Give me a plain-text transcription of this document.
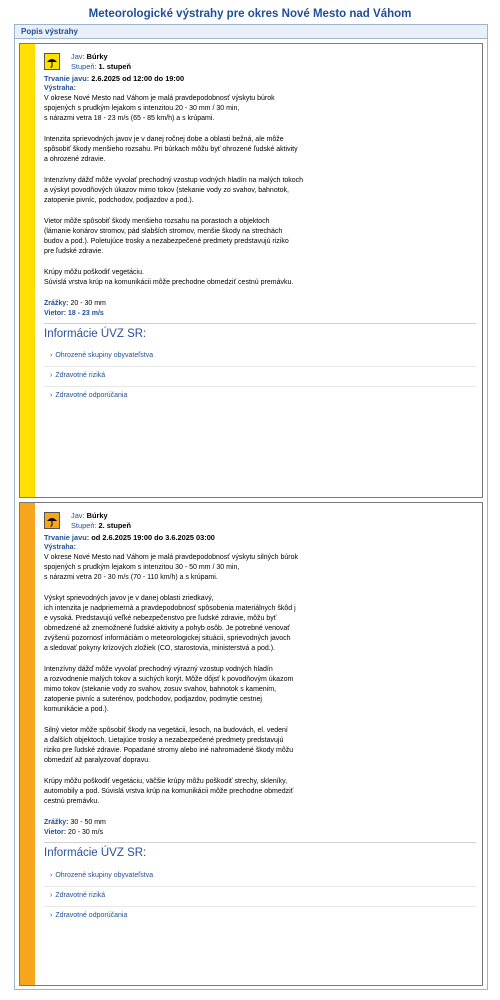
Meteorologické výstrahy pre okres Nové Mesto nad Váhom
Popis výstrahy
Jav: Búrky
Stupeň: 1. stupeň
Trvanie javu: 2.6.2025 od 12:00 do 19:00
Výstraha:
V okrese Nové Mesto nad Váhom je malá pravdepodobnosť výskytu búrok
spojených s prudkým lejakom s intenzitou 20 - 30 mm / 30 min,
s nárazmi vetra 18 - 23 m/s (65 - 85 km/h) a s krúpami.
Intenzita sprievodných javov je v danej ročnej dobe a oblasti bežná, ale môže
spôsobiť škody menšieho rozsahu. Pri búrkach môžu byť ohrozené ľudské aktivity
a ohrozené zdravie.
Intenzívny dážď môže vyvolať prechodný vzostup vodných hladín na malých tokoch
a výskyt povodňových úkazov mimo tokov (stekanie vody zo svahov, bahnotok,
zatopenie pivníc, podchodov, podjazdov a pod.).
Vietor môže spôsobiť škody menšieho rozsahu na porastoch a objektoch
(lámanie konárov stromov, pád slabších stromov, menšie škody na strechách
budov a pod.). Poletujúce trosky a nezabezpečené predmety predstavujú riziko
pre ľudské zdravie.
Krúpy môžu poškodiť vegetáciu.
Súvislá vrstva krúp na komunikácii môže prechodne obmedziť cestnú premávku.
Zrážky: 20 - 30 mm
Vietor: 18 - 23 m/s
Informácie ÚVZ SR:
› Ohrozené skupiny obyvateľstva
› Zdravotné riziká
› Zdravotné odporúčania
Jav: Búrky
Stupeň: 2. stupeň
Trvanie javu: od 2.6.2025 19:00 do 3.6.2025 03:00
Výstraha:
V okrese Nové Mesto nad Váhom je malá pravdepodobnosť výskytu silných búrok
spojených s prudkým lejakom s intenzitou 30 - 50 mm / 30 min,
s nárazmi vetra 20 - 30 m/s (70 - 110 km/h) a s krúpami.
Výskyt sprievodných javov je v danej oblasti zriedkavý,
ich intenzita je nadpriemerná a pravdepodobnosť spôsobenia materiálnych škôd j
e vysoká. Predstavujú veľké nebezpečenstvo pre ľudské zdravie, môžu byť
obmedzené až znemožnené ľudské aktivity a pohyb osôb. Je potrebné venovať
zvýšenú pozornosť informáciám o meteorologickej situácii, sprievodných javoch
a sledovať pokyny krízových zložiek (CO, starostovia, ministerstvá a pod.).
Intenzívny dážď môže vyvolať prechodný výrazný vzostup vodných hladín
a rozvodnenie malých tokov a suchých korýt. Môže dôjsť k povodňovým úkazom
mimo tokov (stekanie vody zo svahov, zosuv svahov, bahnotok s kamenim,
zatopenie pivníc a suterénov, podchodov, podjazdov, podmytie cestnej
komunikácie a pod.).
Silný vietor môže spôsobiť škody na vegetácii, lesoch, na budovách, el. vedení
a ďalších objektoch. Lietajúce trosky a nezabezpečené predmety predstavujú
riziko pre ľudské zdravie. Popadané stromy alebo iné nahromadené škody môžu
obmedziť až paralyzovať dopravu.
Krúpy môžu poškodiť vegetáciu, väčšie krúpy môžu poškodiť strechy, skleníky,
automobily a pod. Súvislá vrstva krúp na komunikácii môže prechodne obmedziť
cestnú premávku.
Zrážky: 30 - 50 mm
Vietor: 20 - 30 m/s
Informácie ÚVZ SR:
› Ohrozené skupiny obyvateľstva
› Zdravotné riziká
› Zdravotné odporúčania
